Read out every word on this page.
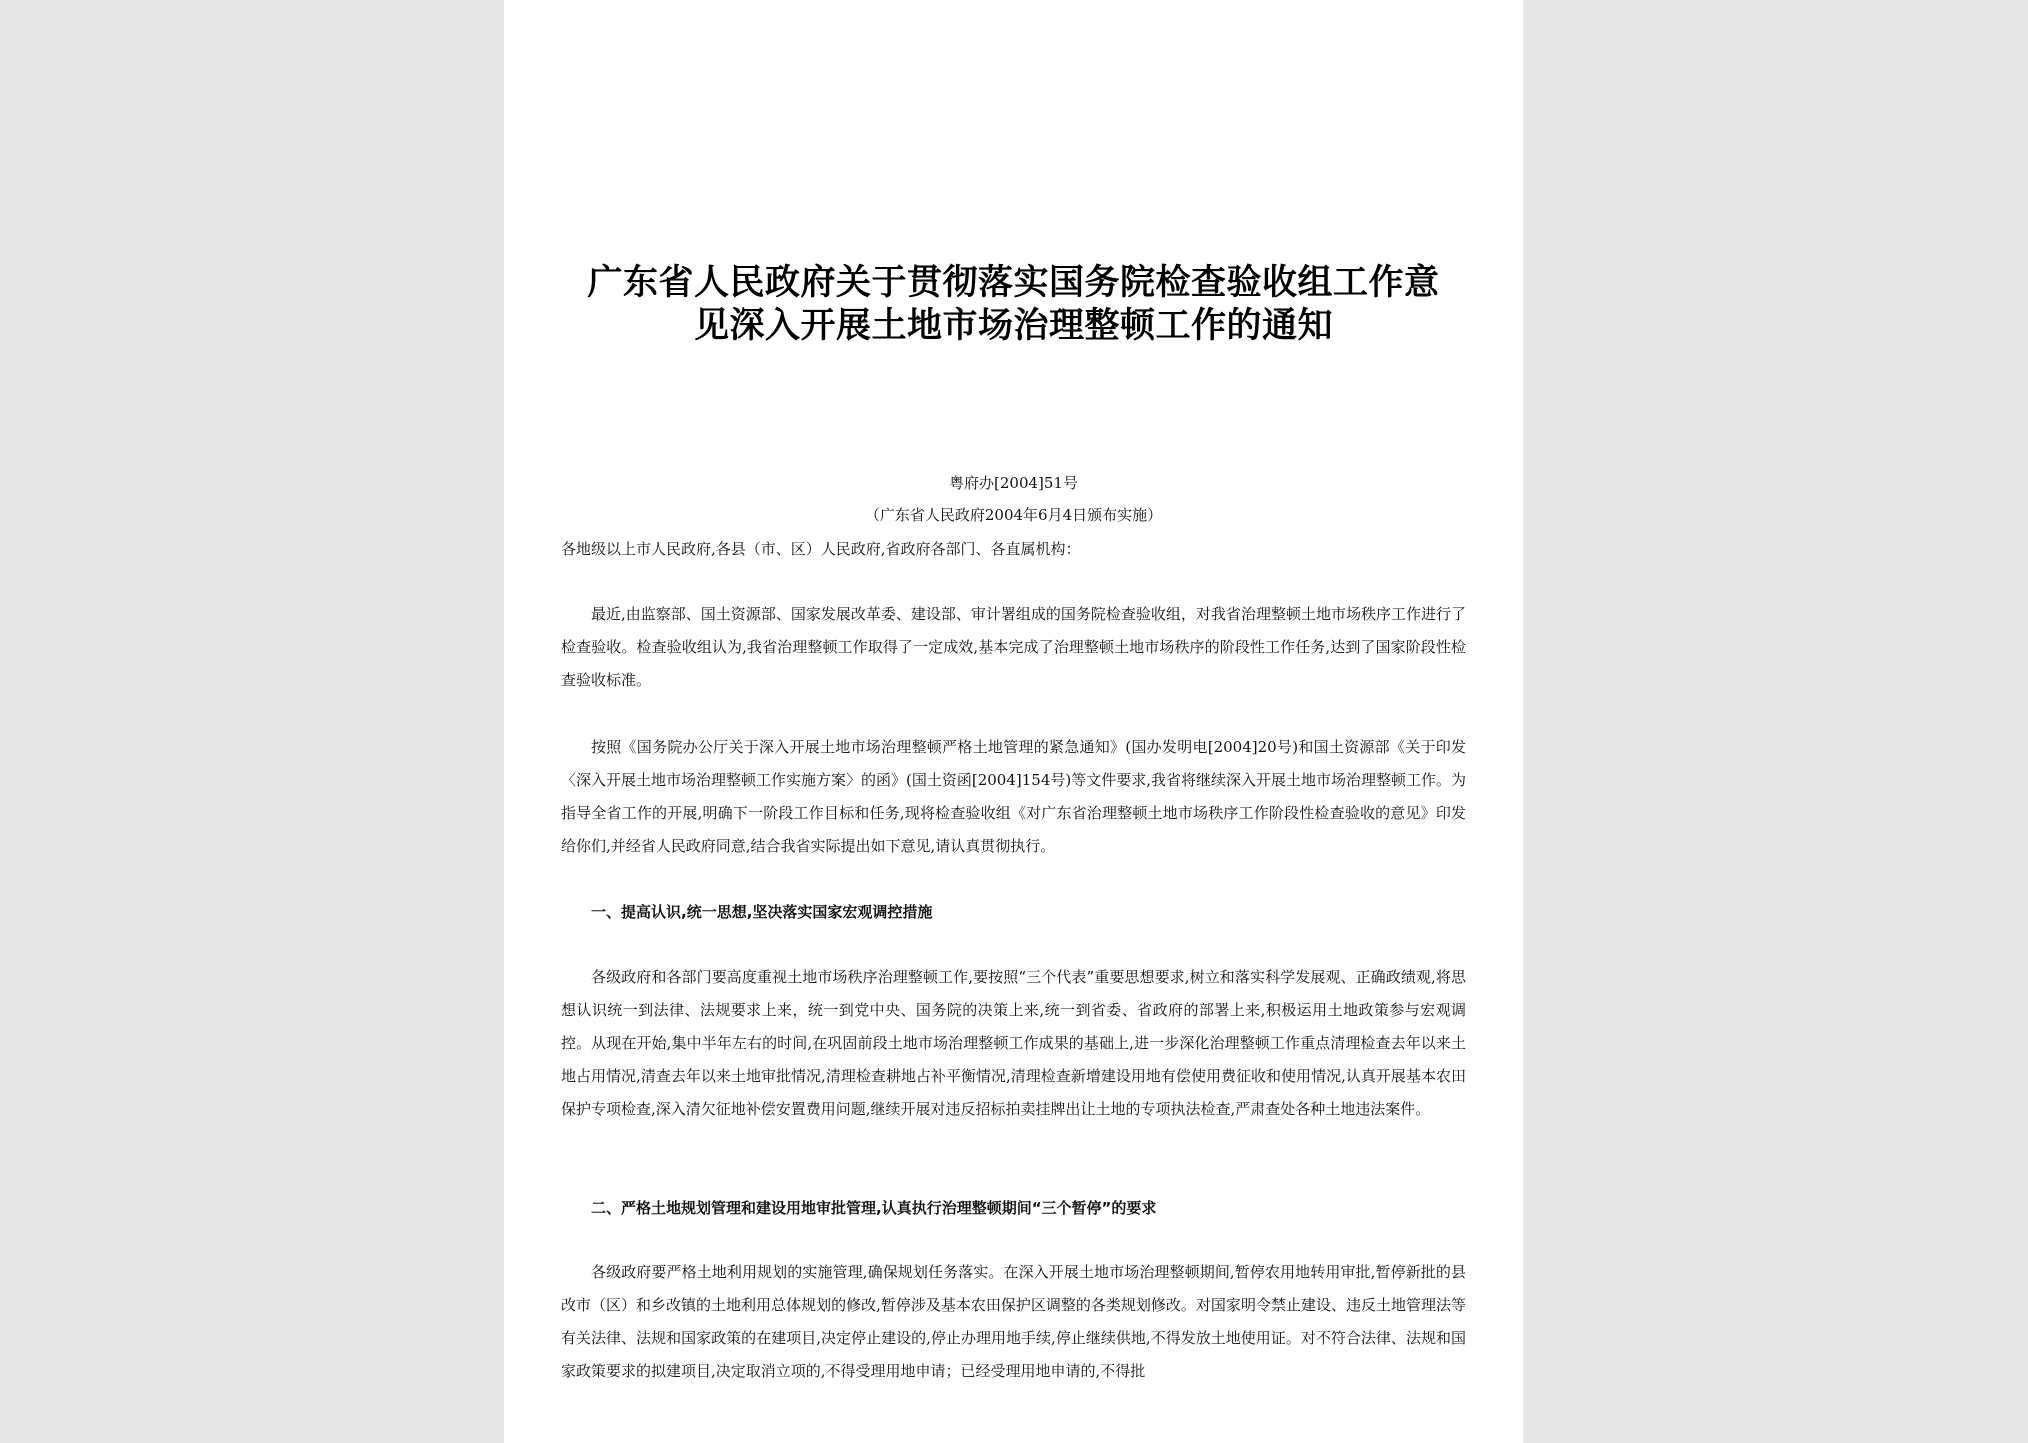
广东省人民政府关于贯彻落实国务院检查验收组工作意
见深入开展土地市场治理整顿工作的通知
粤府办[2004]51号
（广东省人民政府2004年6月4日颁布实施）
各地级以上市人民政府,各县（市、区）人民政府,省政府各部门、各直属机构：

最近,由监察部、国土资源部、国家发展改革委、建设部、审计署组成的国务院检查验收组，对我省治理整顿土地市场秩序工作进行了检查验收。检查验收组认为,我省治理整顿工作取得了一定成效,基本完成了治理整顿土地市场秩序的阶段性工作任务,达到了国家阶段性检查验收标准。

按照《国务院办公厅关于深入开展土地市场治理整顿严格土地管理的紧急通知》(国办发明电[2004]20号)和国土资源部《关于印发〈深入开展土地市场治理整顿工作实施方案〉的函》(国土资函[2004]154号)等文件要求,我省将继续深入开展土地市场治理整顿工作。为指导全省工作的开展,明确下一阶段工作目标和任务,现将检查验收组《对广东省治理整顿土地市场秩序工作阶段性检查验收的意见》印发给你们,并经省人民政府同意,结合我省实际提出如下意见,请认真贯彻执行。

一、提高认识,统一思想,坚决落实国家宏观调控措施

各级政府和各部门要高度重视土地市场秩序治理整顿工作,要按照“三个代表”重要思想要求,树立和落实科学发展观、正确政绩观,将思想认识统一到法律、法规要求上来，统一到党中央、国务院的决策上来,统一到省委、省政府的部署上来,积极运用土地政策参与宏观调控。从现在开始,集中半年左右的时间,在巩固前段土地市场治理整顿工作成果的基础上,进一步深化治理整顿工作重点清理检查去年以来土地占用情况,清查去年以来土地审批情况,清理检查耕地占补平衡情况,清理检查新增建设用地有偿使用费征收和使用情况,认真开展基本农田保护专项检查,深入清欠征地补偿安置费用问题,继续开展对违反招标拍卖挂牌出让土地的专项执法检查,严肃查处各种土地违法案件。

二、严格土地规划管理和建设用地审批管理,认真执行治理整顿期间“三个暂停”的要求

各级政府要严格土地利用规划的实施管理,确保规划任务落实。在深入开展土地市场治理整顿期间,暂停农用地转用审批,暂停新批的县改市（区）和乡改镇的土地利用总体规划的修改,暂停涉及基本农田保护区调整的各类规划修改。对国家明令禁止建设、违反土地管理法等有关法律、法规和国家政策的在建项目,决定停止建设的,停止办理用地手续,停止继续供地,不得发放土地使用证。对不符合法律、法规和国家政策要求的拟建项目,决定取消立项的,不得受理用地申请；已经受理用地申请的,不得批
